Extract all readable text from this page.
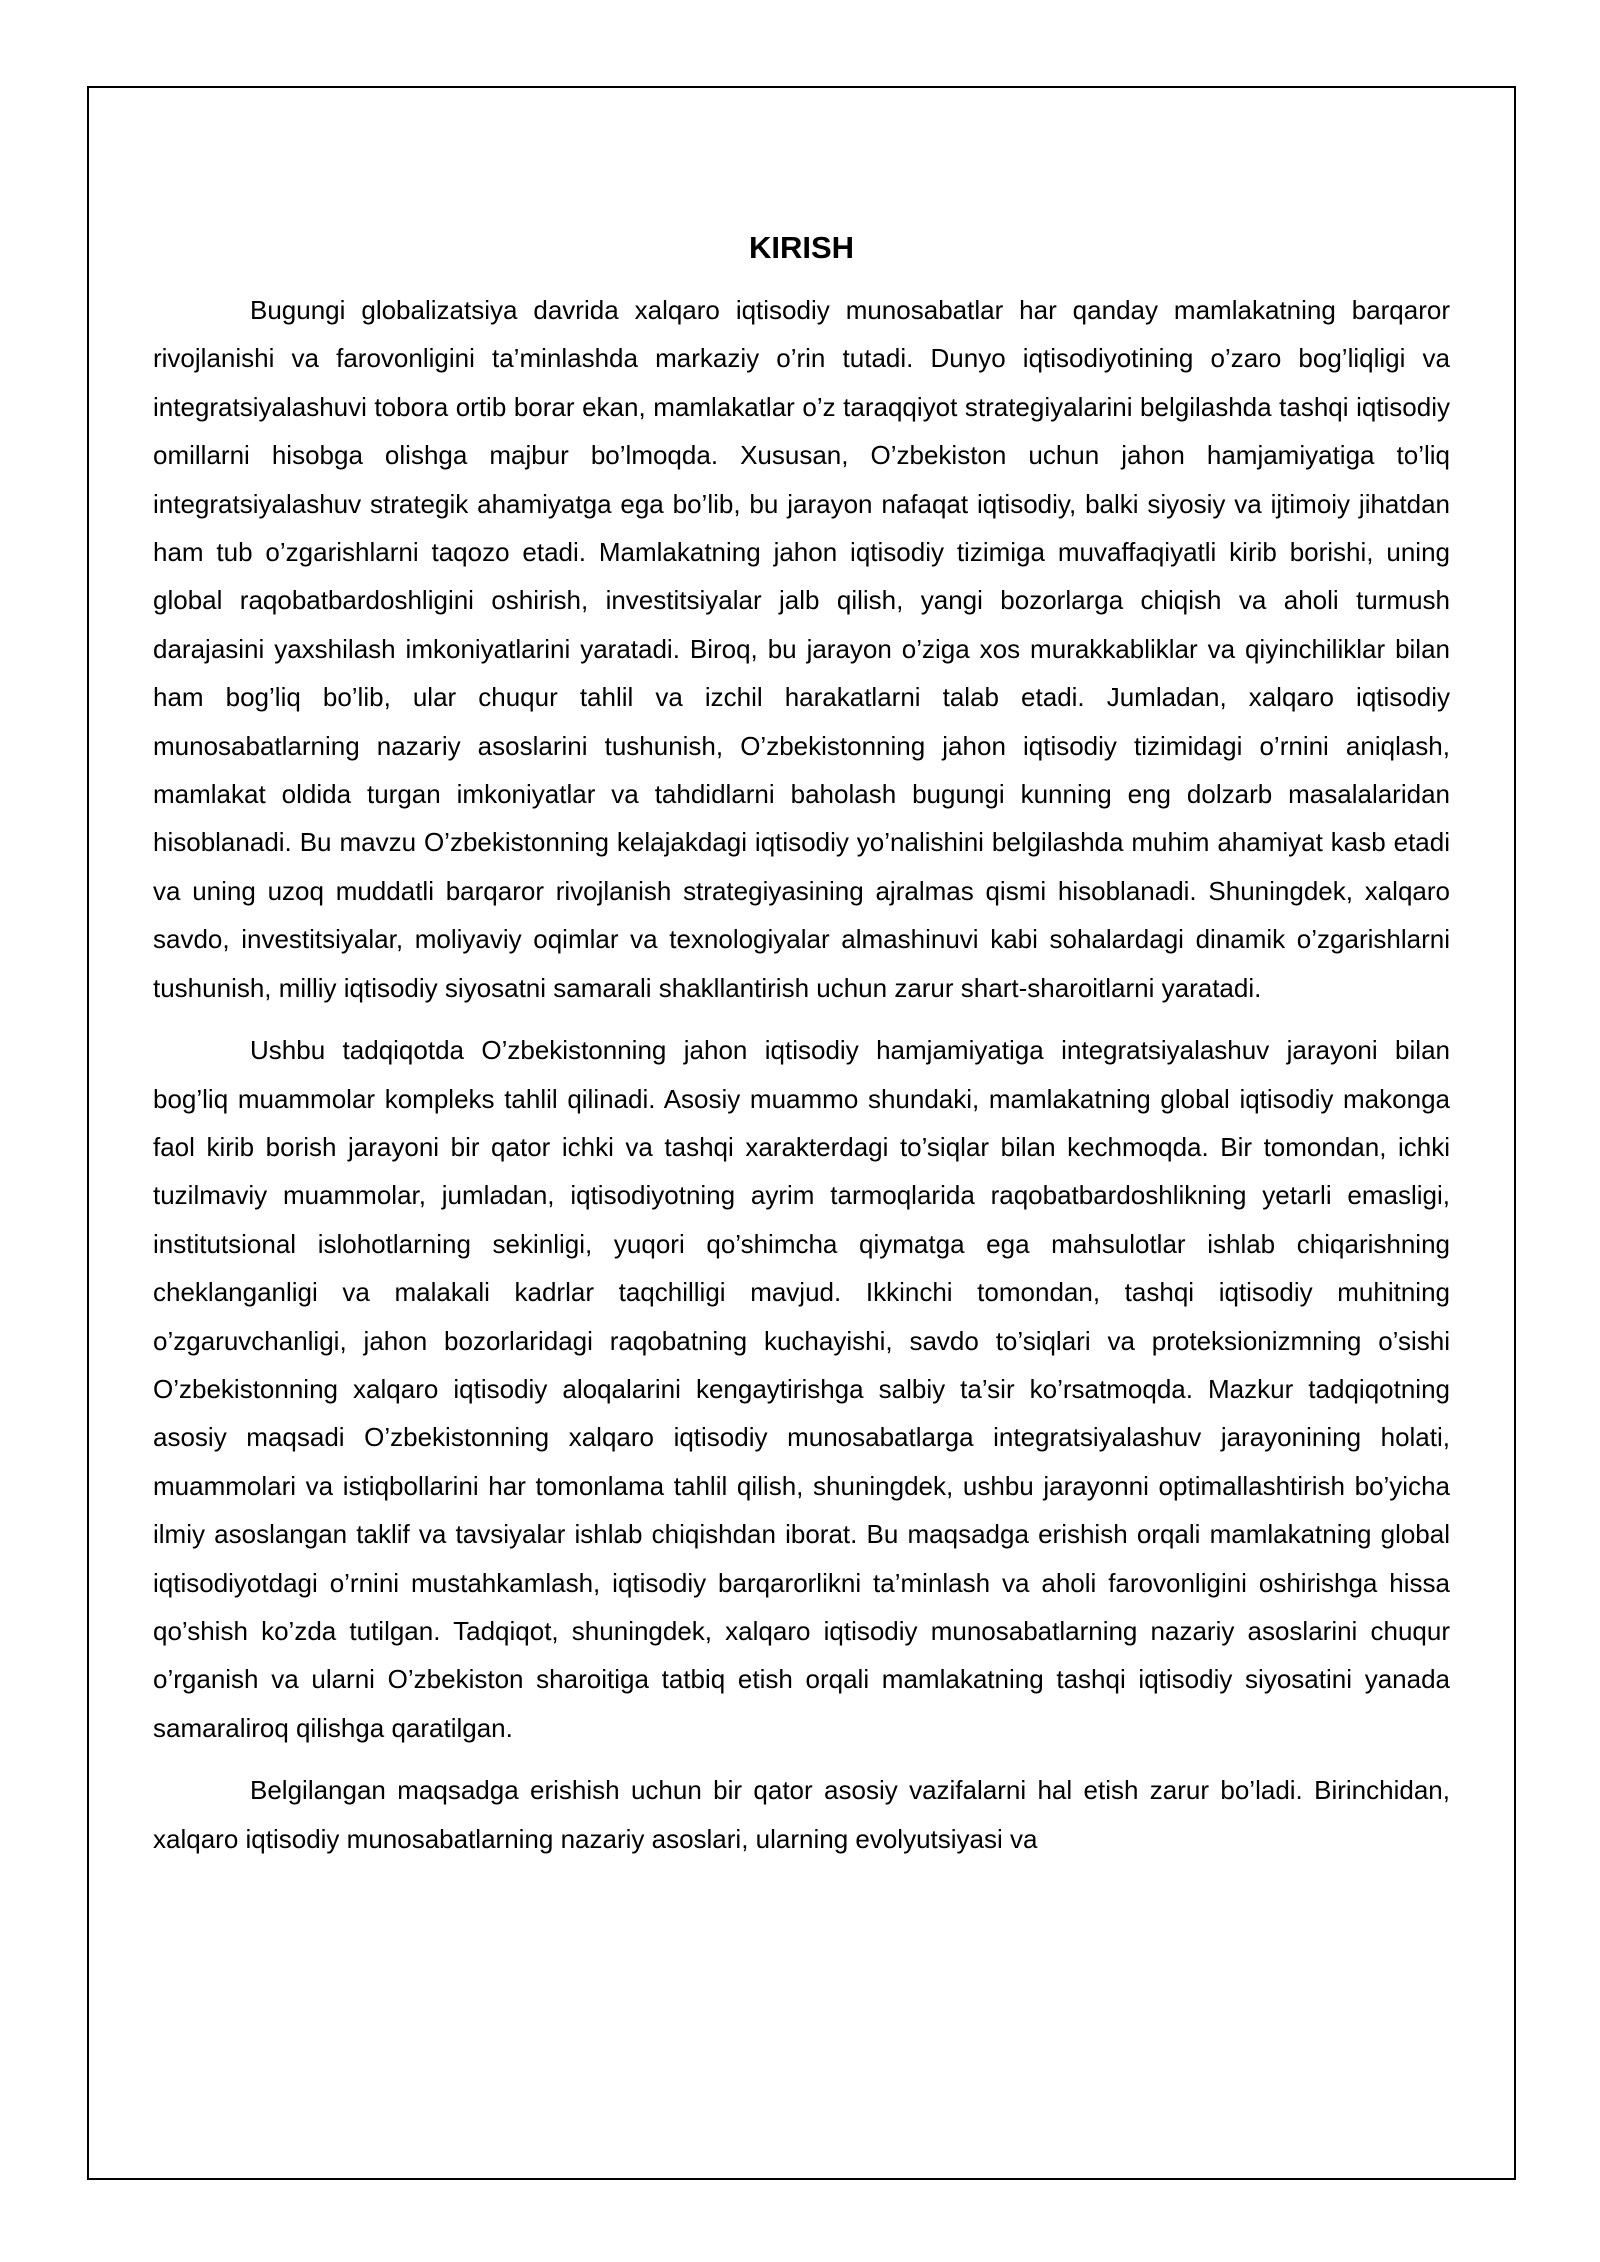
KIRISH

Bugungi globalizatsiya davrida xalqaro iqtisodiy munosabatlar har qanday mamlakatning barqaror rivojlanishi va farovonligini ta’minlashda markaziy o’rin tutadi. Dunyo iqtisodiyotining o’zaro bog’liqligi va integratsiyalashuvi tobora ortib borar ekan, mamlakatlar o’z taraqqiyot strategiyalarini belgilashda tashqi iqtisodiy omillarni hisobga olishga majbur bo’lmoqda. Xususan, O’zbekiston uchun jahon hamjamiyatiga to’liq integratsiyalashuv strategik ahamiyatga ega bo’lib, bu jarayon nafaqat iqtisodiy, balki siyosiy va ijtimoiy jihatdan ham tub o’zgarishlarni taqozo etadi. Mamlakatning jahon iqtisodiy tizimiga muvaffaqiyatli kirib borishi, uning global raqobatbardoshligini oshirish, investitsiyalar jalb qilish, yangi bozorlarga chiqish va aholi turmush darajasini yaxshilash imkoniyatlarini yaratadi. Biroq, bu jarayon o’ziga xos murakkabliklar va qiyinchiliklar bilan ham bog’liq bo’lib, ular chuqur tahlil va izchil harakatlarni talab etadi. Jumladan, xalqaro iqtisodiy munosabatlarning nazariy asoslarini tushunish, O’zbekistonning jahon iqtisodiy tizimidagi o’rnini aniqlash, mamlakat oldida turgan imkoniyatlar va tahdidlarni baholash bugungi kunning eng dolzarb masalalaridan hisoblanadi. Bu mavzu O’zbekistonning kelajakdagi iqtisodiy yo’nalishini belgilashda muhim ahamiyat kasb etadi va uning uzoq muddatli barqaror rivojlanish strategiyasining ajralmas qismi hisoblanadi. Shuningdek, xalqaro savdo, investitsiyalar, moliyaviy oqimlar va texnologiyalar almashinuvi kabi sohalardagi dinamik o’zgarishlarni tushunish, milliy iqtisodiy siyosatni samarali shakllantirish uchun zarur shart-sharoitlarni yaratadi.

Ushbu tadqiqotda O’zbekistonning jahon iqtisodiy hamjamiyatiga integratsiyalashuv jarayoni bilan bog’liq muammolar kompleks tahlil qilinadi. Asosiy muammo shundaki, mamlakatning global iqtisodiy makonga faol kirib borish jarayoni bir qator ichki va tashqi xarakterdagi to’siqlar bilan kechmoqda. Bir tomondan, ichki tuzilmaviy muammolar, jumladan, iqtisodiyotning ayrim tarmoqlarida raqobatbardoshlikning yetarli emasligi, institutsional islohotlarning sekinligi, yuqori qo’shimcha qiymatga ega mahsulotlar ishlab chiqarishning cheklanganligi va malakali kadrlar taqchilligi mavjud. Ikkinchi tomondan, tashqi iqtisodiy muhitning o’zgaruvchanligi, jahon bozorlaridagi raqobatning kuchayishi, savdo to’siqlari va proteksionizmning o’sishi O’zbekistonning xalqaro iqtisodiy aloqalarini kengaytirishga salbiy ta’sir ko’rsatmoqda. Mazkur tadqiqotning asosiy maqsadi O’zbekistonning xalqaro iqtisodiy munosabatlarga integratsiyalashuv jarayonining holati, muammolari va istiqbollarini har tomonlama tahlil qilish, shuningdek, ushbu jarayonni optimallashtirish bo’yicha ilmiy asoslangan taklif va tavsiyalar ishlab chiqishdan iborat. Bu maqsadga erishish orqali mamlakatning global iqtisodiyotdagi o’rnini mustahkamlash, iqtisodiy barqarorlikni ta’minlash va aholi farovonligini oshirishga hissa qo’shish ko’zda tutilgan. Tadqiqot, shuningdek, xalqaro iqtisodiy munosabatlarning nazariy asoslarini chuqur o’rganish va ularni O’zbekiston sharoitiga tatbiq etish orqali mamlakatning tashqi iqtisodiy siyosatini yanada samaraliroq qilishga qaratilgan.

Belgilangan maqsadga erishish uchun bir qator asosiy vazifalarni hal etish zarur bo’ladi. Birinchidan, xalqaro iqtisodiy munosabatlarning nazariy asoslari, ularning evolyutsiyasi va
